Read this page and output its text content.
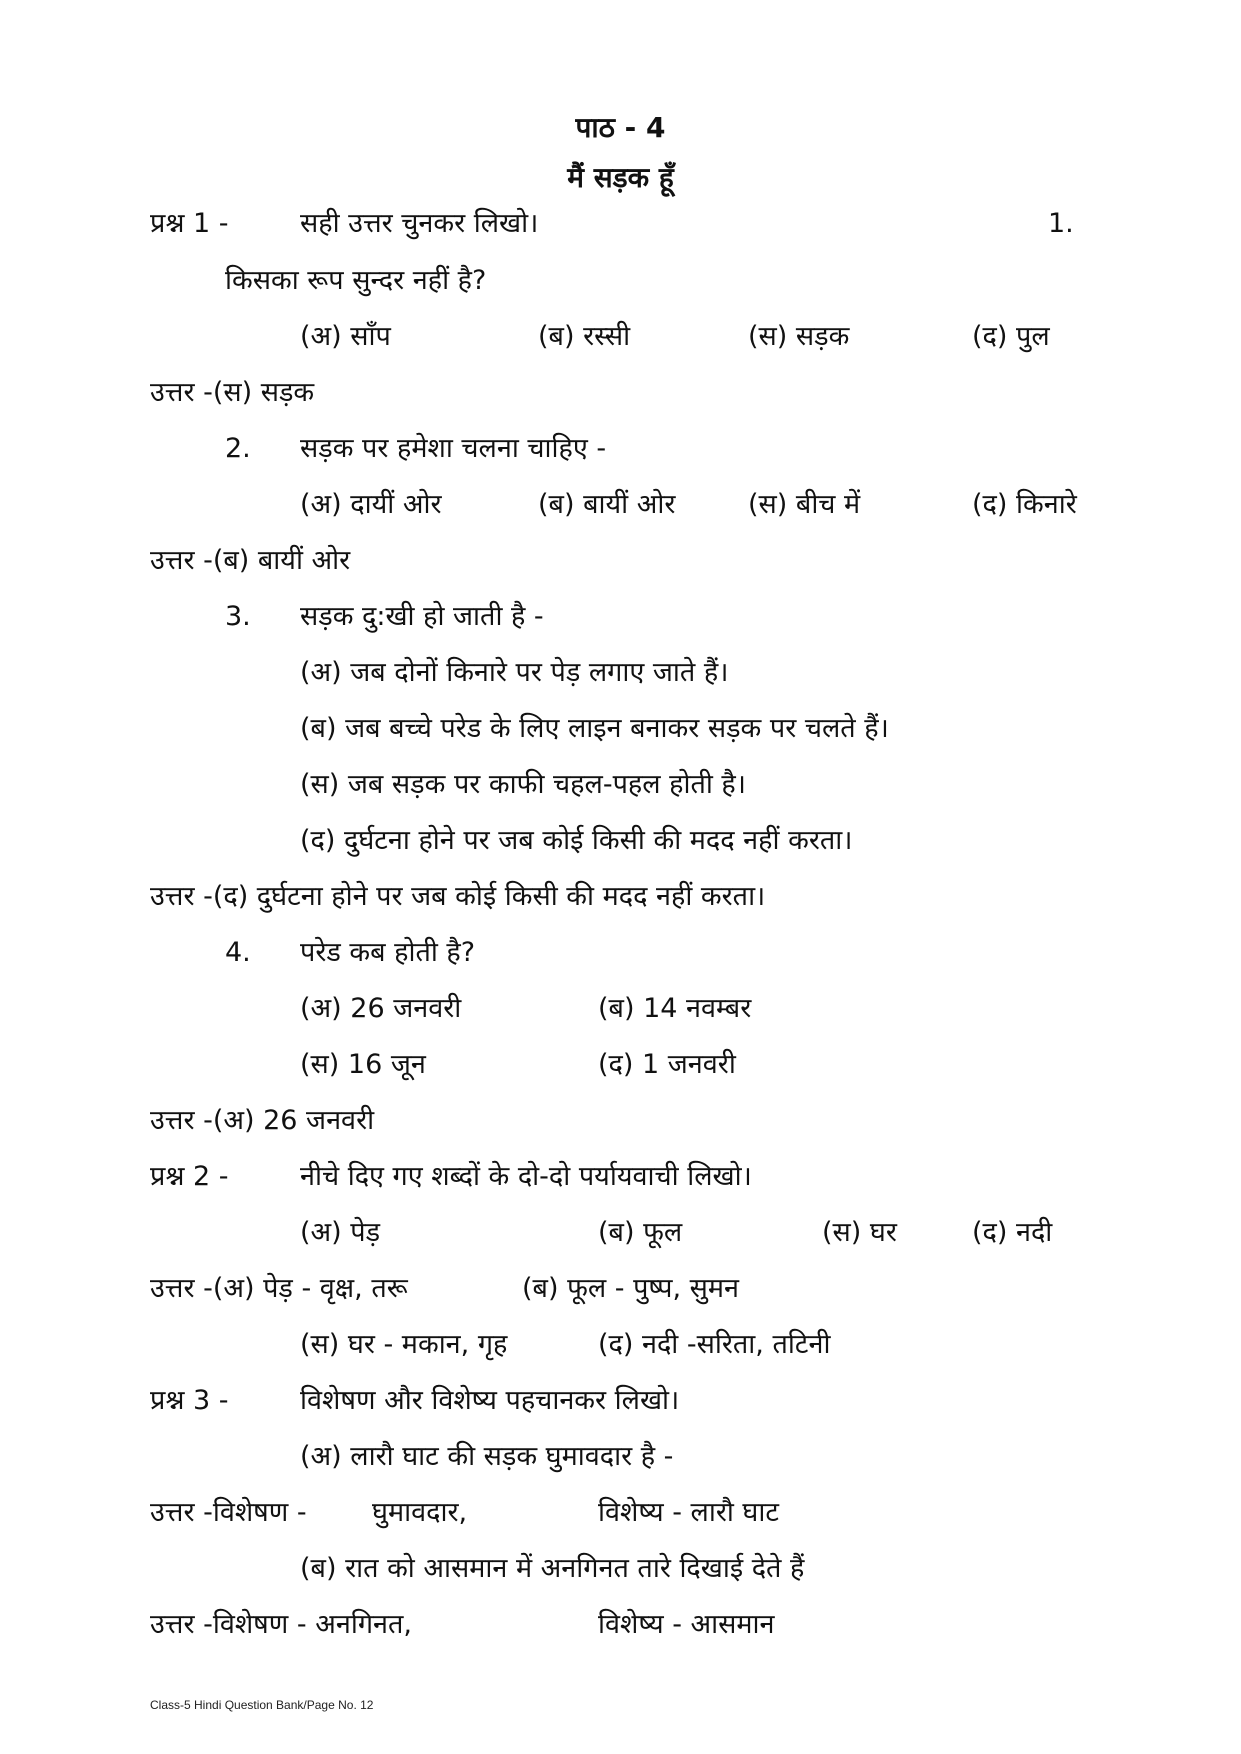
पाठ - 4
मैं सड़क हूँ
प्रश्न 1 -	सही उत्तर चुनकर लिखो।	1.
किसका रूप सुन्दर नहीं है?
(अ) साँप	(ब) रस्सी	(स) सड़क	(द) पुल
उत्तर -(स) सड़क
2. सड़क पर हमेशा चलना चाहिए -
(अ) दायीं ओर	(ब) बायीं ओर	(स) बीच में	(द) किनारे
उत्तर -(ब) बायीं ओर
3. सड़क दु:खी हो जाती है -
(अ) जब दोनों किनारे पर पेड़ लगाए जाते हैं।
(ब) जब बच्चे परेड के लिए लाइन बनाकर सड़क पर चलते हैं।
(स) जब सड़क पर काफी चहल-पहल होती है।
(द) दुर्घटना होने पर जब कोई किसी की मदद नहीं करता।
उत्तर -(द) दुर्घटना होने पर जब कोई किसी की मदद नहीं करता।
4. परेड कब होती है?
(अ) 26 जनवरी	(ब) 14 नवम्बर
(स) 16 जून	(द) 1 जनवरी
उत्तर -(अ) 26 जनवरी
प्रश्न 2 -	नीचे दिए गए शब्दों के दो-दो पर्यायवाची लिखो।
(अ) पेड़	(ब) फूल	(स) घर	(द) नदी
उत्तर -(अ) पेड़ - वृक्ष, तरू	(ब) फूल - पुष्प, सुमन
(स) घर - मकान, गृह	(द) नदी -सरिता, तटिनी
प्रश्न 3 -	विशेषण और विशेष्य पहचानकर लिखो।
(अ) लारौ घाट की सड़क घुमावदार है -
उत्तर -विशेषण - घुमावदार,	विशेष्य - लारौ घाट
(ब) रात को आसमान में अनगिनत तारे दिखाई देते हैं
उत्तर -विशेषण - अनगिनत,	विशेष्य - आसमान
Class-5 Hindi Question Bank/Page No. 12
